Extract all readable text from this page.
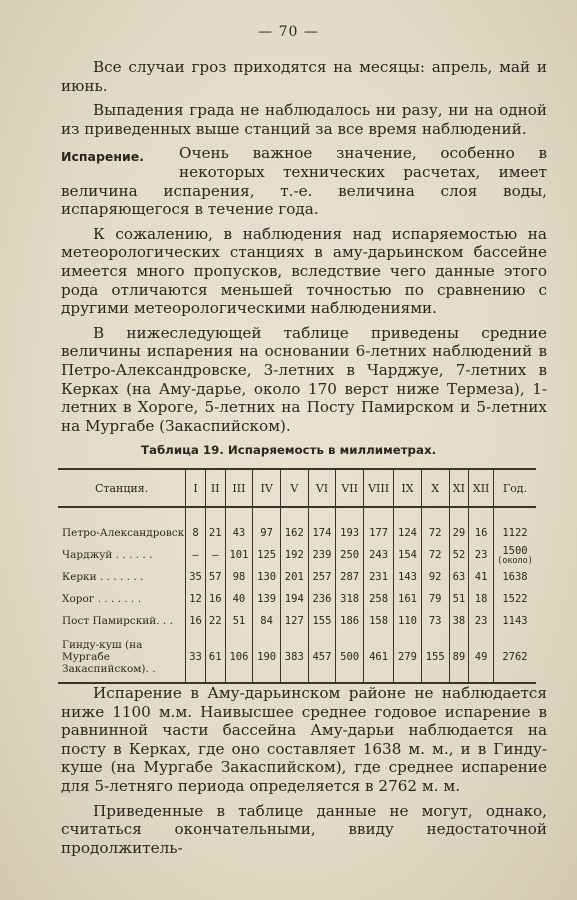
— 70 —

Все случаи гроз приходятся на месяцы: апрель, май и июнь.

Выпадения града не наблюдалось ни разу, ни на одной из приведенных выше станций за все время наблюдений.

Испарение.	Очень важное значение, особенно в некоторых технических расчетах, имеет величина испарения, т.-е. величина слоя воды, испаряющегося в течение года.

К сожалению, в наблюдения над испаряемостью на метеорологических станциях в аму-дарьинском бассейне имеется много пропусков, вследствие чего данные этого рода отличаются меньшей точностью по сравнению с другими метеорологическими наблюдениями.

В нижеследующей таблице приведены средние величины испарения на основании 6-летних наблюдений в Петро-Александровске, 3-летних в Чарджуе, 7-летних в Керках (на Аму-дарье, около 170 верст ниже Термеза), 1-летних в Хороге, 5-летних на Посту Памирском и 5-летних на Мургабе (Закаспийском).

Таблица 19. Испаряемость в миллиметрах.
Станция.	I	II	III	IV	V	VI	VII	VIII	IX	X	XI	XII	Год.

Петро-Александровск	8	21	43	97	162	174	193	177	124	72	29	16	1122
Чарджуй . . . . . .	—	—	101	125	192	239	250	243	154	72	52	23	1500
(около)

Керки . . . . . . .	35	57	98	130	201	257	287	231	143	92	63	41	1638
Хорог . . . . . . .	12	16	40	139	194	236	318	258	161	79	51	18	1522
Пост Памирский. . .	16	22	51	84	127	155	186	158	110	73	38	23	1143
Гинду-куш (на Мургабе Закаспийском). .	33	61	106	190	383	457	500	461	279	155	89	49	2762

Испарение в Аму-дарьинском районе не наблюдается ниже 1100 м.м. Наивысшее среднее годовое испарение в равнинной части бассейна Аму-дарьи наблюдается на посту в Керках, где оно составляет 1638 м. м., и в Гинду-куше (на Мургабе Закаспийском), где среднее испарение для 5-летняго периода определяется в 2762 м. м.

Приведенные в таблице данные не могут, однако, считаться окончательными, ввиду недостаточной продолжитель-
